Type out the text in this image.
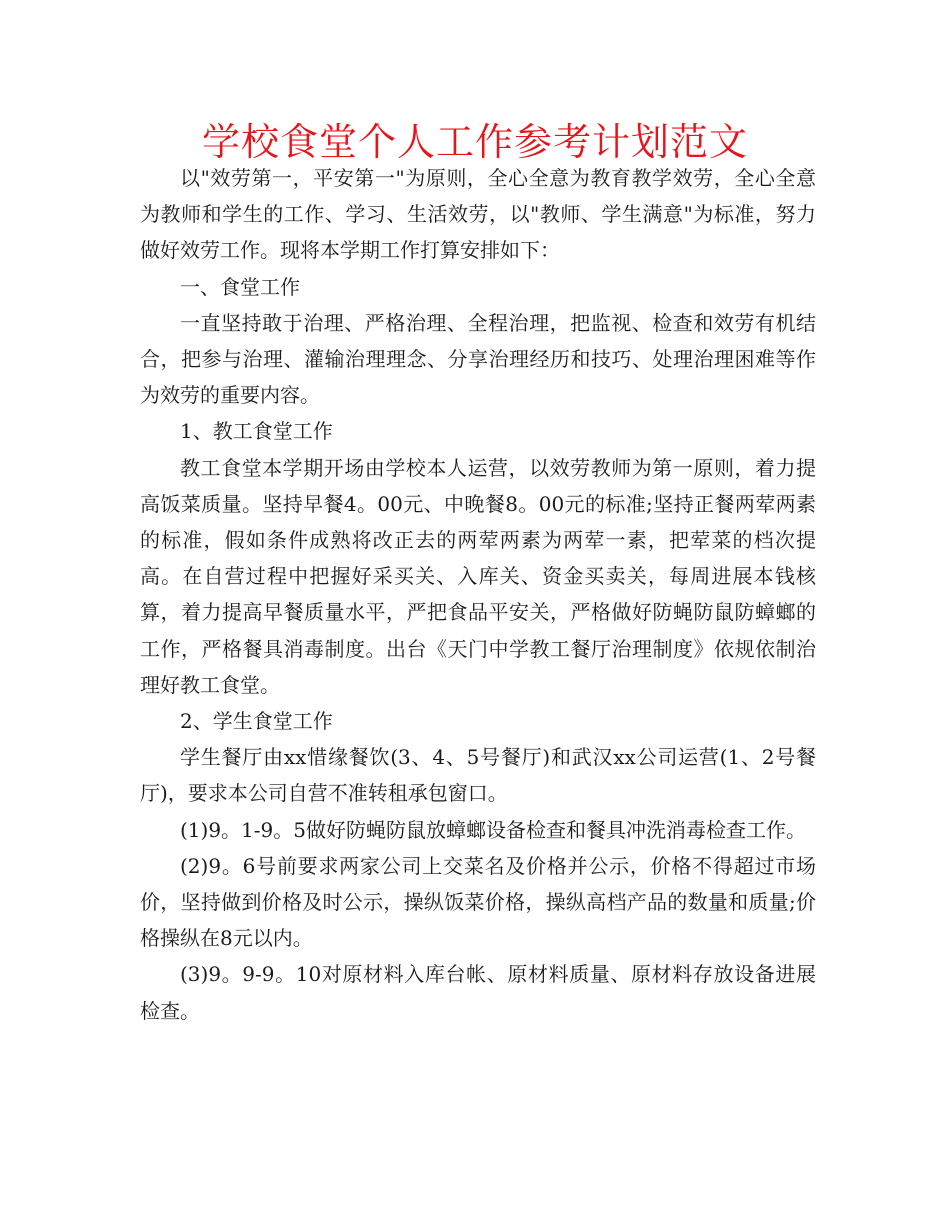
学校食堂个人工作参考计划范文

以"效劳第一，平安第一"为原则，全心全意为教育教学效劳，全心全意为教师和学生的工作、学习、生活效劳，以"教师、学生满意"为标准，努力做好效劳工作。现将本学期工作打算安排如下：

一、食堂工作

一直坚持敢于治理、严格治理、全程治理，把监视、检查和效劳有机结合，把参与治理、灌输治理理念、分享治理经历和技巧、处理治理困难等作为效劳的重要内容。

1、教工食堂工作

教工食堂本学期开场由学校本人运营，以效劳教师为第一原则，着力提高饭菜质量。坚持早餐4。00元、中晚餐8。00元的标准;坚持正餐两荤两素的标准，假如条件成熟将改正去的两荤两素为两荤一素，把荤菜的档次提高。在自营过程中把握好采买关、入库关、资金买卖关，每周进展本钱核算，着力提高早餐质量水平，严把食品平安关，严格做好防蝇防鼠防蟑螂的工作，严格餐具消毒制度。出台《天门中学教工餐厅治理制度》依规依制治理好教工食堂。

2、学生食堂工作

学生餐厅由xx惜缘餐饮(3、4、5号餐厅)和武汉xx公司运营(1、2号餐厅)，要求本公司自营不准转租承包窗口。

(1)9。1-9。5做好防蝇防鼠放蟑螂设备检查和餐具冲洗消毒检查工作。

(2)9。6号前要求两家公司上交菜名及价格并公示，价格不得超过市场价，坚持做到价格及时公示，操纵饭菜价格，操纵高档产品的数量和质量;价格操纵在8元以内。

(3)9。9-9。10对原材料入库台帐、原材料质量、原材料存放设备进展检查。
